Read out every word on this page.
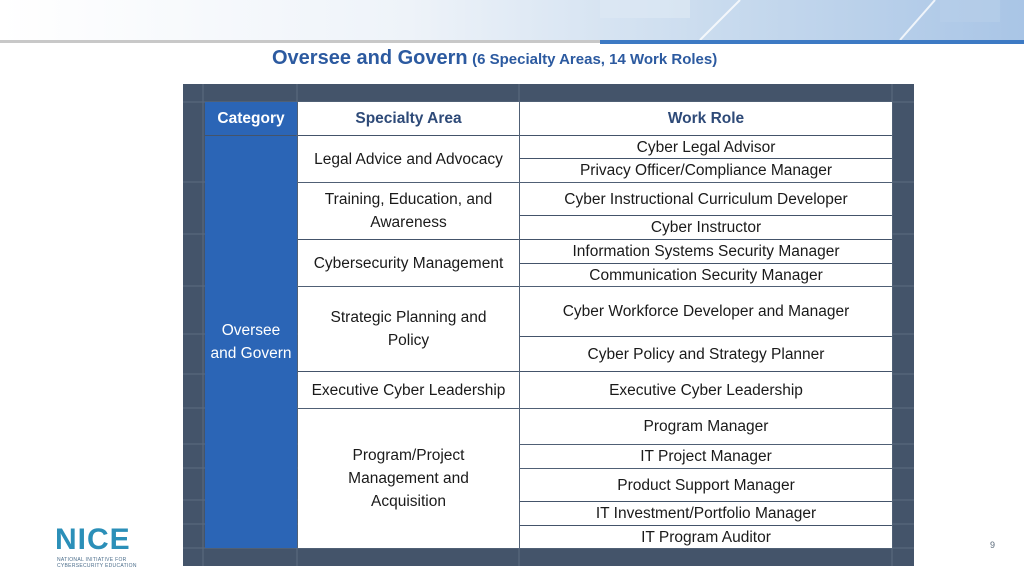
Oversee and Govern (6 Specialty Areas, 14 Work Roles)
Category	Specialty Area	Work Role
Oversee
and Govern
Legal Advice and Advocacy
Training, Education, and Awareness
Cybersecurity Management
Strategic Planning and Policy
Executive Cyber Leadership
Program/Project Management and Acquisition
Cyber Legal Advisor
Privacy Officer/Compliance Manager
Cyber Instructional Curriculum Developer
Cyber Instructor
Information Systems Security Manager
Communication Security Manager
Cyber Workforce Developer and Manager
Cyber Policy and Strategy Planner
Executive Cyber Leadership
Program Manager
IT Project Manager
Product Support Manager
IT Investment/Portfolio Manager
IT Program Auditor
NICE
NATIONAL INITIATIVE FOR CYBERSECURITY EDUCATION
9
